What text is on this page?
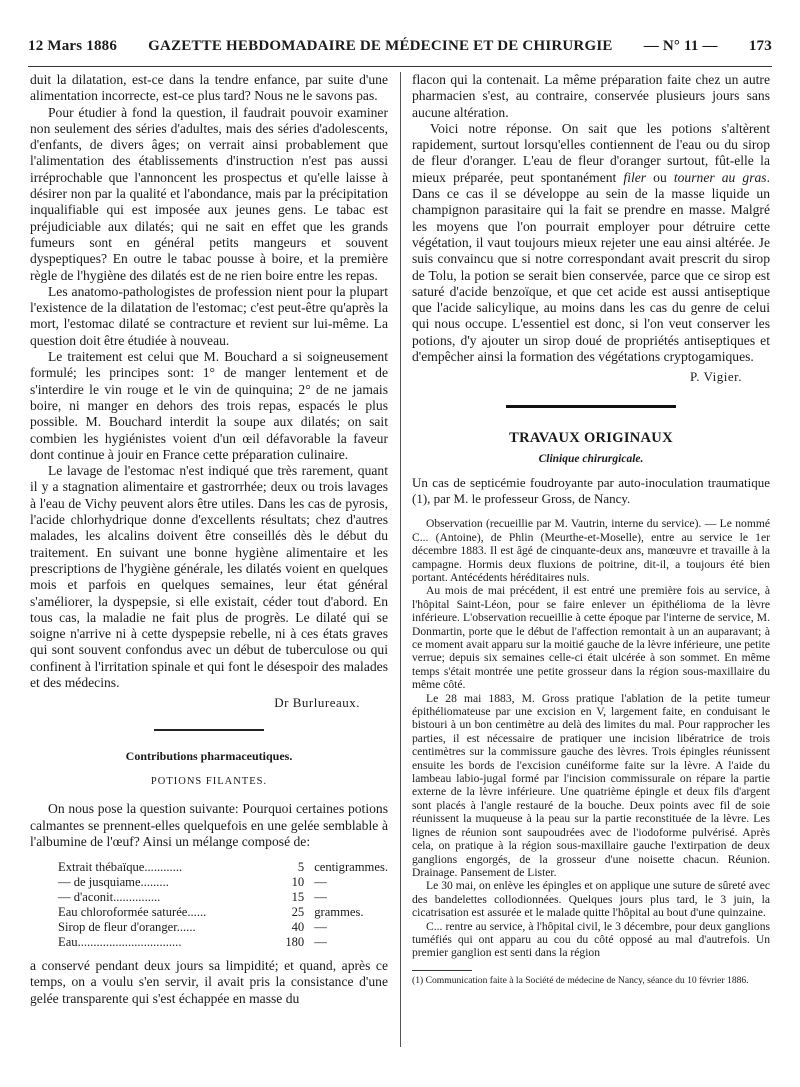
12 Mars 1886 GAZETTE HEBDOMADAIRE DE MÉDECINE ET DE CHIRURGIE — N° 11 — 173

duit la dilatation, est-ce dans la tendre enfance, par suite d'une alimentation incorrecte, est-ce plus tard? Nous ne le savons pas.

Pour étudier à fond la question, il faudrait pouvoir examiner non seulement des séries d'adultes, mais des séries d'adolescents, d'enfants, de divers âges; on verrait ainsi probablement que l'alimentation des établissements d'instruction n'est pas aussi irréprochable que l'annoncent les prospectus et qu'elle laisse à désirer non par la qualité et l'abondance, mais par la précipitation inqualifiable qui est imposée aux jeunes gens. Le tabac est préjudiciable aux dilatés; qui ne sait en effet que les grands fumeurs sont en général petits mangeurs et souvent dyspeptiques? En outre le tabac pousse à boire, et la première règle de l'hygiène des dilatés est de ne rien boire entre les repas.

Les anatomo-pathologistes de profession nient pour la plupart l'existence de la dilatation de l'estomac; c'est peut-être qu'après la mort, l'estomac dilaté se contracture et revient sur lui-même. La question doit être étudiée à nouveau.

Le traitement est celui que M. Bouchard a si soigneusement formulé; les principes sont: 1° de manger lentement et de s'interdire le vin rouge et le vin de quinquina; 2° de ne jamais boire, ni manger en dehors des trois repas, espacés le plus possible. M. Bouchard interdit la soupe aux dilatés; on sait combien les hygiénistes voient d'un œil défavorable la faveur dont continue à jouir en France cette préparation culinaire.

Le lavage de l'estomac n'est indiqué que très rarement, quant il y a stagnation alimentaire et gastrorrhée; deux ou trois lavages à l'eau de Vichy peuvent alors être utiles. Dans les cas de pyrosis, l'acide chlorhydrique donne d'excellents résultats; chez d'autres malades, les alcalins doivent être conseillés dès le début du traitement. En suivant une bonne hygiène alimentaire et les prescriptions de l'hygiène générale, les dilatés voient en quelques mois et parfois en quelques semaines, leur état général s'améliorer, la dyspepsie, si elle existait, céder tout d'abord. En tous cas, la maladie ne fait plus de progrès. Le dilaté qui se soigne n'arrive ni à cette dyspepsie rebelle, ni à ces états graves qui sont souvent confondus avec un début de tuberculose ou qui confinent à l'irritation spinale et qui font le désespoir des malades et des médecins.

Dr Burlureaux.

Contributions pharmaceutiques.
POTIONS FILANTES.

On nous pose la question suivante: Pourquoi certaines potions calmantes se prennent-elles quelquefois en une gelée semblable à l'albumine de l'œuf? Ainsi un mélange composé de:

Extrait thébaïque............	5	centigrammes.
— de jusquiame.........	10	—
— d'aconit...............	15	—
Eau chloroformée saturée......	25	grammes.
Sirop de fleur d'oranger......	40	—
Eau.................................	180	—

a conservé pendant deux jours sa limpidité; et quand, après ce temps, on a voulu s'en servir, il avait pris la consistance d'une gelée transparente qui s'est échappée en masse du

flacon qui la contenait. La même préparation faite chez un autre pharmacien s'est, au contraire, conservée plusieurs jours sans aucune altération.

Voici notre réponse. On sait que les potions s'altèrent rapidement, surtout lorsqu'elles contiennent de l'eau ou du sirop de fleur d'oranger. L'eau de fleur d'oranger surtout, fût-elle la mieux préparée, peut spontanément filer ou tourner au gras. Dans ce cas il se développe au sein de la masse liquide un champignon parasitaire qui la fait se prendre en masse. Malgré les moyens que l'on pourrait employer pour détruire cette végétation, il vaut toujours mieux rejeter une eau ainsi altérée. Je suis convaincu que si notre correspondant avait prescrit du sirop de Tolu, la potion se serait bien conservée, parce que ce sirop est saturé d'acide benzoïque, et que cet acide est aussi antiseptique que l'acide salicylique, au moins dans les cas du genre de celui qui nous occupe. L'essentiel est donc, si l'on veut conserver les potions, d'y ajouter un sirop doué de propriétés antiseptiques et d'empêcher ainsi la formation des végétations cryptogamiques.

P. Vigier.

TRAVAUX ORIGINAUX
Clinique chirurgicale.

Un cas de septicémie foudroyante par auto-inoculation traumatique (1), par M. le professeur Gross, de Nancy.

Observation (recueillie par M. Vautrin, interne du service). — Le nommé C... (Antoine), de Phlin (Meurthe-et-Moselle), entre au service le 1er décembre 1883. Il est âgé de cinquante-deux ans, manœuvre et travaille à la campagne. Hormis deux fluxions de poitrine, dit-il, a toujours été bien portant. Antécédents héréditaires nuls.

Au mois de mai précédent, il est entré une première fois au service, à l'hôpital Saint-Léon, pour se faire enlever un épithélioma de la lèvre inférieure. L'observation recueillie à cette époque par l'interne de service, M. Donmartin, porte que le début de l'affection remontait à un an auparavant; à ce moment avait apparu sur la moitié gauche de la lèvre inférieure, une petite verrue; depuis six semaines celle-ci était ulcérée à son sommet. En même temps s'était montrée une petite grosseur dans la région sous-maxillaire du même côté.

Le 28 mai 1883, M. Gross pratique l'ablation de la petite tumeur épithéliomateuse par une excision en V, largement faite, en conduisant le bistouri à un bon centimètre au delà des limites du mal. Pour rapprocher les parties, il est nécessaire de pratiquer une incision libératrice de trois centimètres sur la commissure gauche des lèvres. Trois épingles réunissent ensuite les bords de l'excision cunéiforme faite sur la lèvre. A l'aide du lambeau labio-jugal formé par l'incision commissurale on répare la partie externe de la lèvre inférieure. Une quatrième épingle et deux fils d'argent sont placés à l'angle restauré de la bouche. Deux points avec fil de soie réunissent la muqueuse à la peau sur la partie reconstituée de la lèvre. Les lignes de réunion sont saupoudrées avec de l'iodoforme pulvérisé. Après cela, on pratique à la région sous-maxillaire gauche l'extirpation de deux ganglions engorgés, de la grosseur d'une noisette chacun. Réunion. Drainage. Pansement de Lister.

Le 30 mai, on enlève les épingles et on applique une suture de sûreté avec des bandelettes collodionnées. Quelques jours plus tard, le 3 juin, la cicatrisation est assurée et le malade quitte l'hôpital au bout d'une quinzaine.

C... rentre au service, à l'hôpital civil, le 3 décembre, pour deux ganglions tuméfiés qui ont apparu au cou du côté opposé au mal d'autrefois. Un premier ganglion est senti dans la région

(1) Communication faite à la Société de médecine de Nancy, séance du 10 février 1886.
